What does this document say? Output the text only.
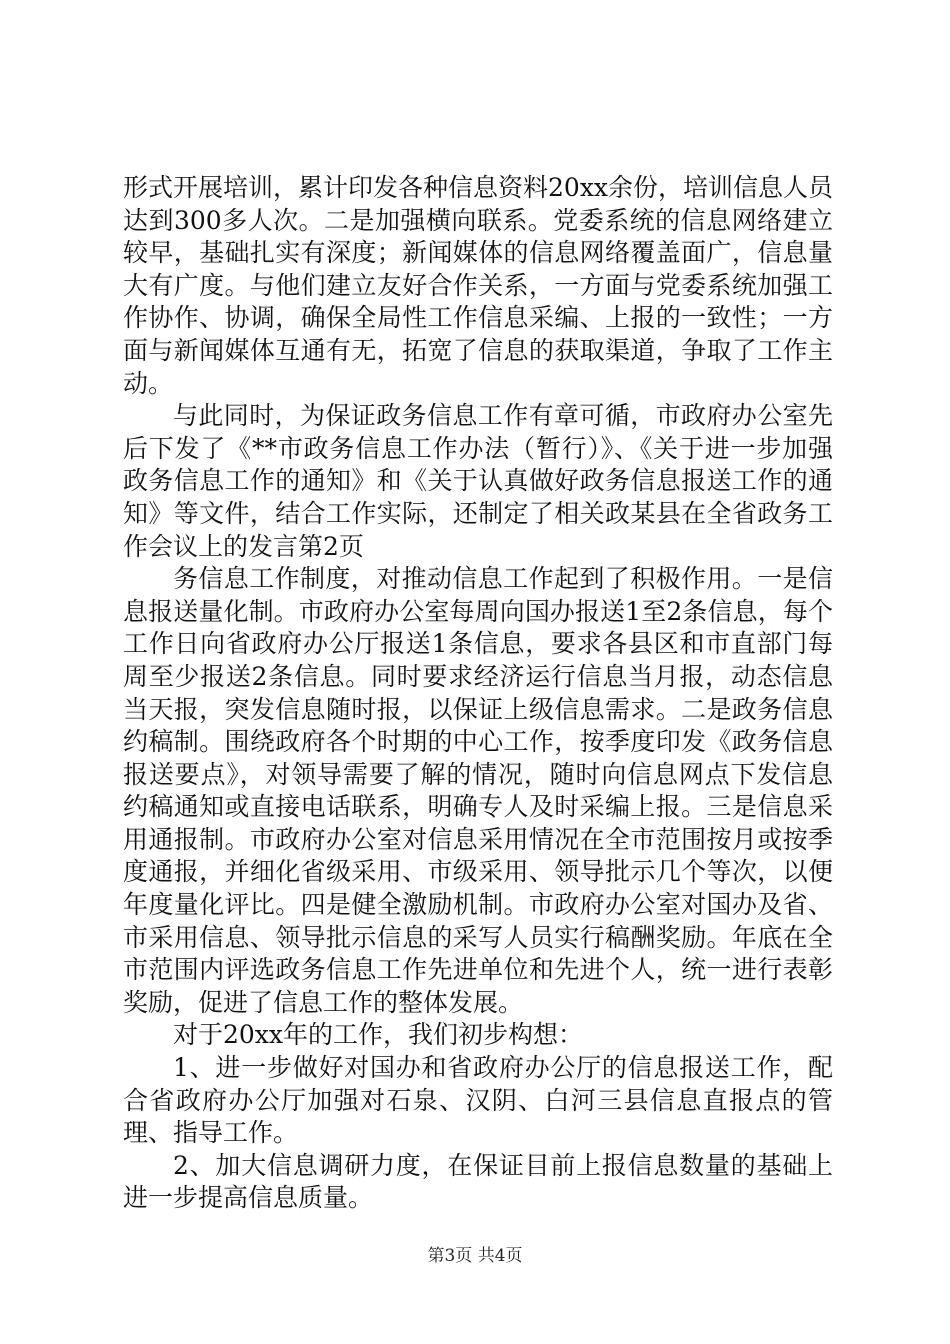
形式开展培训，累计印发各种信息资料20xx余份，培训信息人员达到300多人次。二是加强横向联系。党委系统的信息网络建立较早，基础扎实有深度；新闻媒体的信息网络覆盖面广，信息量大有广度。与他们建立友好合作关系，一方面与党委系统加强工作协作、协调，确保全局性工作信息采编、上报的一致性；一方面与新闻媒体互通有无，拓宽了信息的获取渠道，争取了工作主动。

与此同时，为保证政务信息工作有章可循，市政府办公室先后下发了《**市政务信息工作办法（暂行）》、《关于进一步加强政务信息工作的通知》和《关于认真做好政务信息报送工作的通知》等文件，结合工作实际，还制定了相关政某县在全省政务工作会议上的发言第2页

务信息工作制度，对推动信息工作起到了积极作用。一是信息报送量化制。市政府办公室每周向国办报送1至2条信息，每个工作日向省政府办公厅报送1条信息，要求各县区和市直部门每周至少报送2条信息。同时要求经济运行信息当月报，动态信息当天报，突发信息随时报，以保证上级信息需求。二是政务信息约稿制。围绕政府各个时期的中心工作，按季度印发《政务信息报送要点》，对领导需要了解的情况，随时向信息网点下发信息约稿通知或直接电话联系，明确专人及时采编上报。三是信息采用通报制。市政府办公室对信息采用情况在全市范围按月或按季度通报，并细化省级采用、市级采用、领导批示几个等次，以便年度量化评比。四是健全激励机制。市政府办公室对国办及省、市采用信息、领导批示信息的采写人员实行稿酬奖励。年底在全市范围内评选政务信息工作先进单位和先进个人，统一进行表彰奖励，促进了信息工作的整体发展。

对于20xx年的工作，我们初步构想：

1、进一步做好对国办和省政府办公厅的信息报送工作，配合省政府办公厅加强对石泉、汉阴、白河三县信息直报点的管理、指导工作。

2、加大信息调研力度，在保证目前上报信息数量的基础上进一步提高信息质量。

第3页 共4页
